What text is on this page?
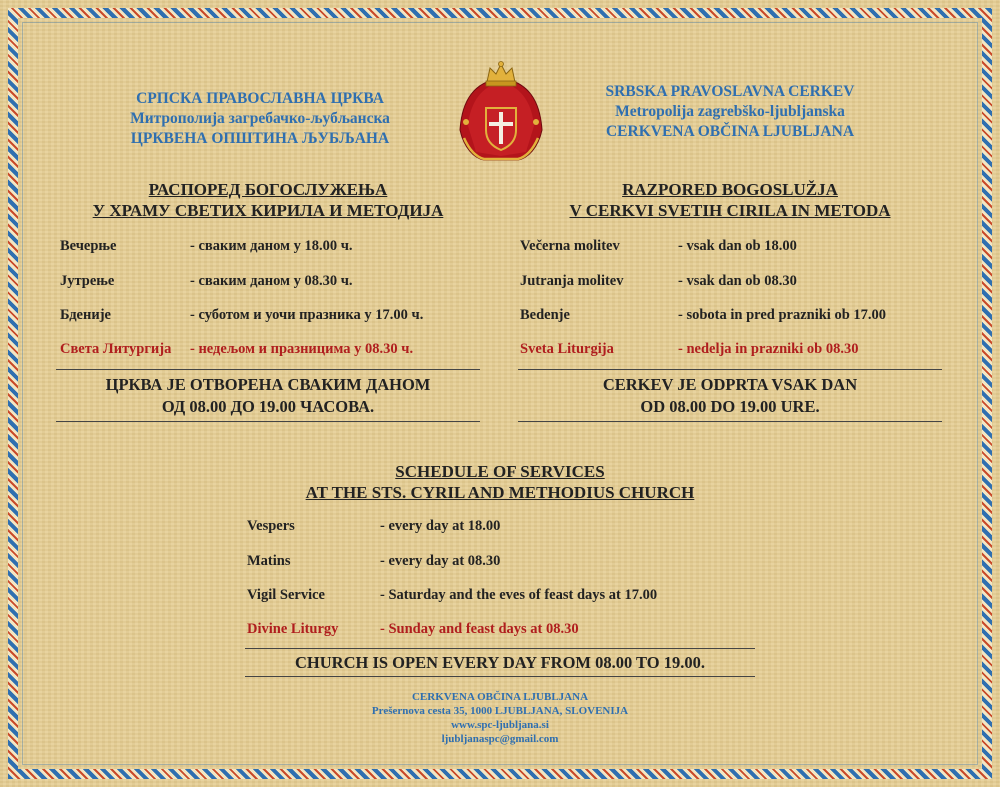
СРПСКА ПРАВОСЛАВНА ЦРКВА
Митрополија загребачко-љубљанска
ЦРКВЕНА ОПШТИНА ЉУБЉАНА
SRBSKA PRAVOSLAVNA CERKEV
Metropolija zagrebško-ljubljanska
CERKVENA OBČINA LJUBLJANA
РАСПОРЕД БОГОСЛУЖЕЊА
У ХРАМУ СВЕТИХ КИРИЛА И МЕТОДИЈА
Вечерње	- сваким даном у 18.00 ч.
Јутрење	- сваким даном у 08.30 ч.
Бденије	- суботом и уочи празника у 17.00 ч.
Света Литургија - недељом и празницима у 08.30 ч.
ЦРКВА ЈЕ ОТВОРЕНА СВАКИМ ДАНОМ
ОД 08.00 ДО 19.00 ЧАСОВА.
RAZPORED BOGOSLUŽJA
V CERKVI SVETIH CIRILA IN METODA
Večerna molitev	- vsak dan ob 18.00
Jutranja molitev	- vsak dan ob 08.30
Bedenje	- sobota in pred prazniki ob 17.00
Sveta Liturgija	- nedelja in prazniki ob 08.30
CERKEV JE ODPRTA VSAK DAN
OD 08.00 DO 19.00 URE.
SCHEDULE OF SERVICES
AT THE STS. CYRIL AND METHODIUS CHURCH
Vespers	- every day at 18.00
Matins	- every day at 08.30
Vigil Service	- Saturday and the eves of feast days at 17.00
Divine Liturgy	- Sunday and feast days at 08.30
CHURCH IS OPEN EVERY DAY FROM 08.00 TO 19.00.
CERKVENA OBČINA LJUBLJANA
Prešernova cesta 35, 1000 LJUBLJANA, SLOVENIJA
www.spc-ljubljana.si
ljubljanaspc@gmail.com
